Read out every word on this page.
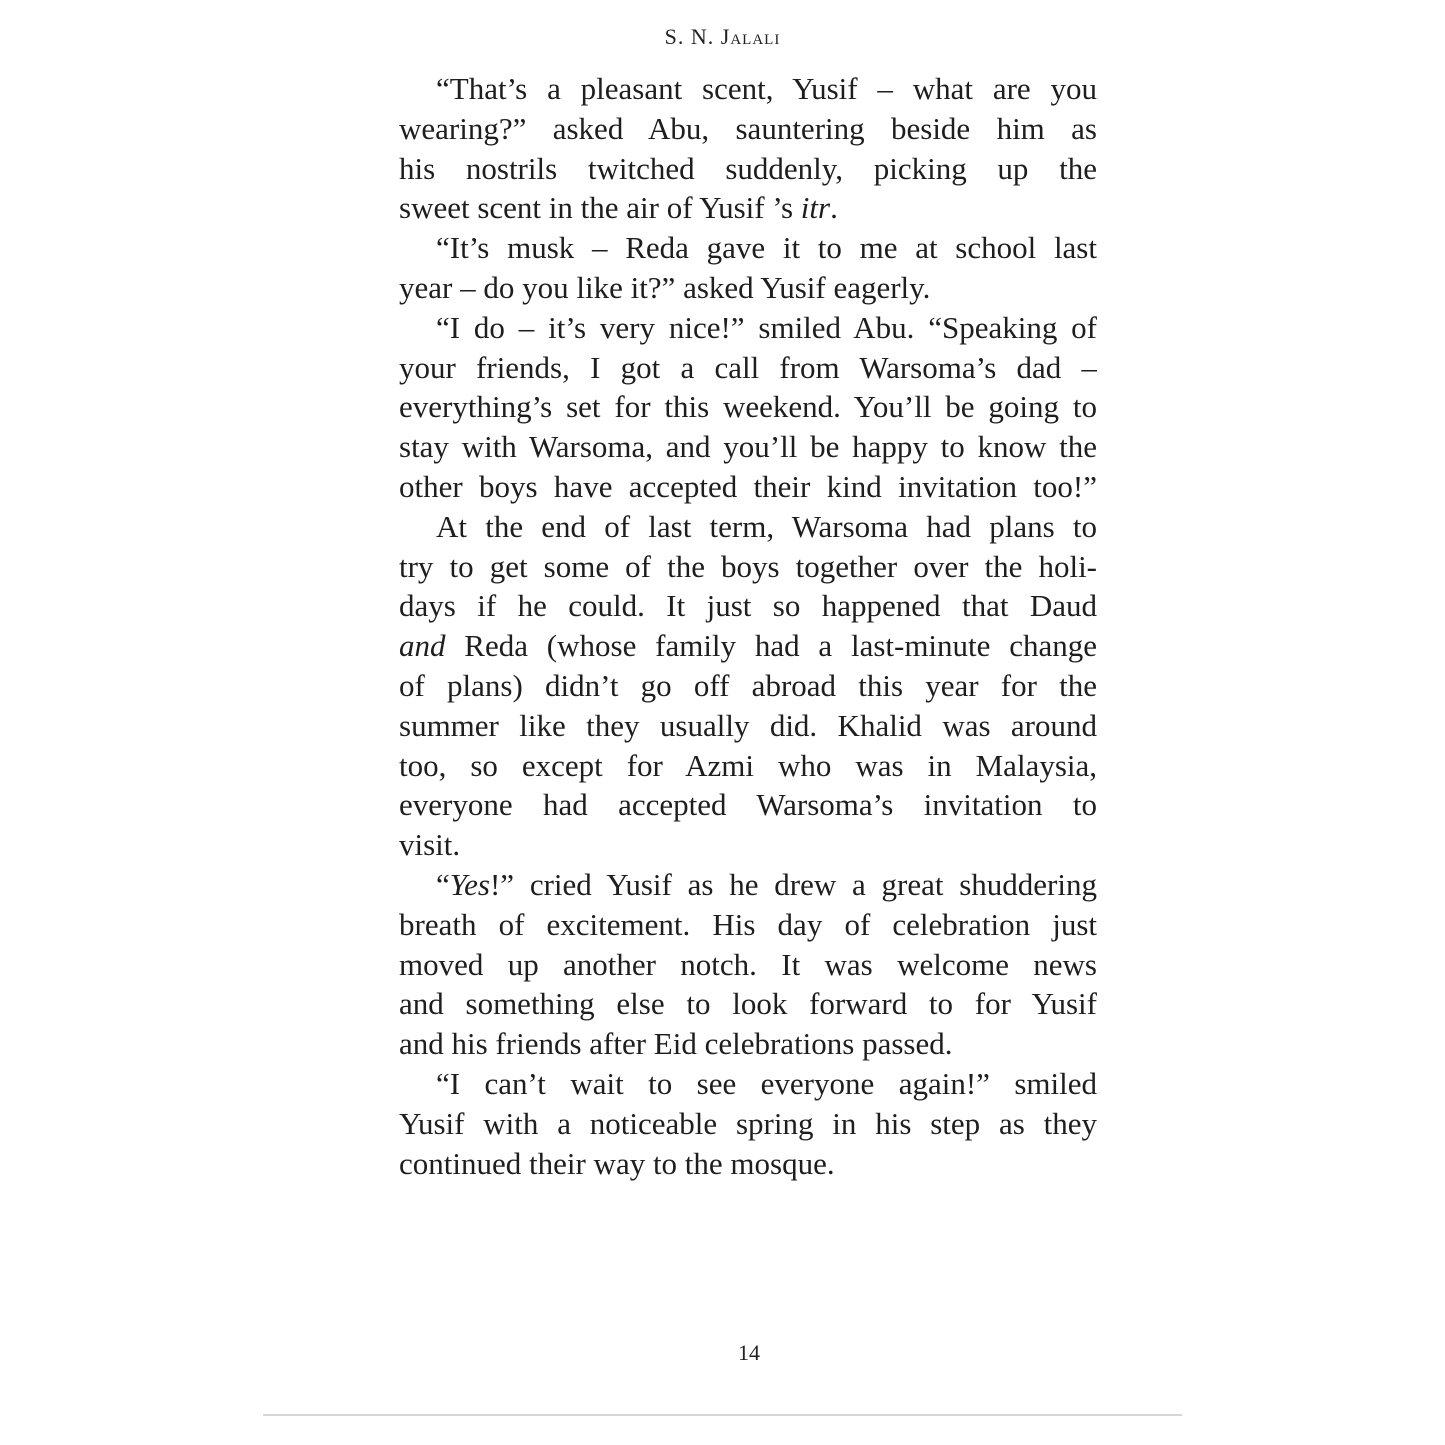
S. N. Jalali
“That’s a pleasant scent, Yusif – what are you
wearing?” asked Abu, sauntering beside him as
his nostrils twitched suddenly, picking up the
sweet scent in the air of Yusif ’s itr.
“It’s musk – Reda gave it to me at school last
year – do you like it?” asked Yusif eagerly.
“I do – it’s very nice!” smiled Abu. “Speaking of
your friends, I got a call from Warsoma’s dad –
everything’s set for this weekend. You’ll be going to
stay with Warsoma, and you’ll be happy to know the
other boys have accepted their kind invitation too!”
At the end of last term, Warsoma had plans to
try to get some of the boys together over the holi-
days if he could. It just so happened that Daud
and Reda (whose family had a last-minute change
of plans) didn’t go off abroad this year for the
summer like they usually did. Khalid was around
too, so except for Azmi who was in Malaysia,
everyone had accepted Warsoma’s invitation to
visit.
“Yes!” cried Yusif as he drew a great shuddering
breath of excitement. His day of celebration just
moved up another notch. It was welcome news
and something else to look forward to for Yusif
and his friends after Eid celebrations passed.
“I can’t wait to see everyone again!” smiled
Yusif with a noticeable spring in his step as they
continued their way to the mosque.
14
